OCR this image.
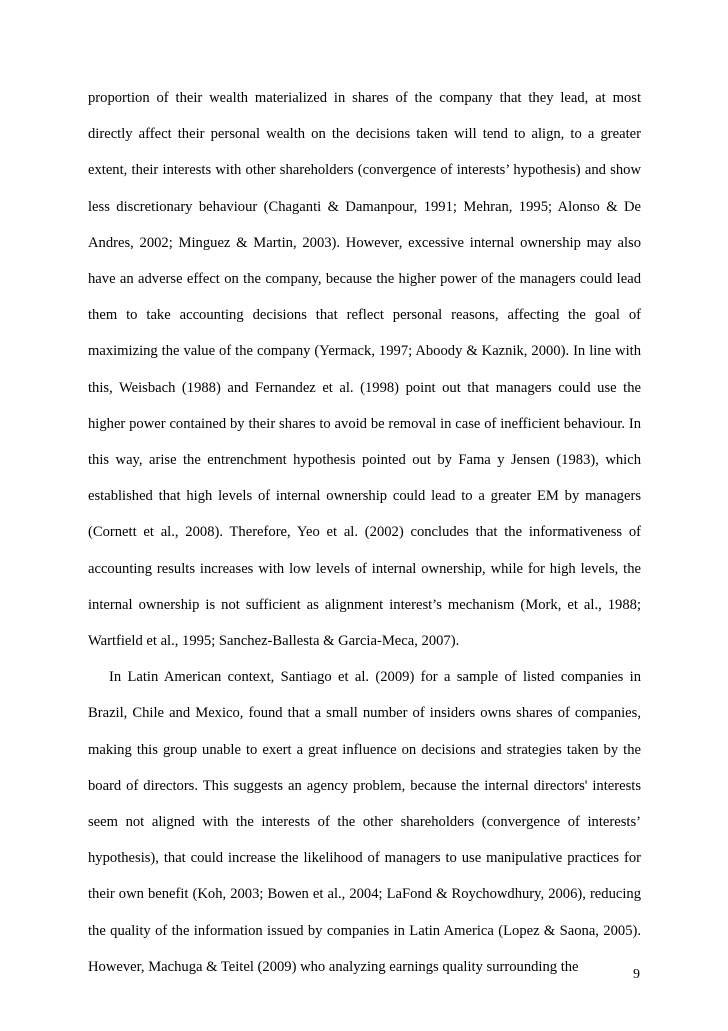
proportion of their wealth materialized in shares of the company that they lead, at most directly affect their personal wealth on the decisions taken will tend to align, to a greater extent, their interests with other shareholders (convergence of interests’ hypothesis) and show less discretionary behaviour (Chaganti & Damanpour, 1991; Mehran, 1995; Alonso & De Andres, 2002; Minguez & Martin, 2003). However, excessive internal ownership may also have an adverse effect on the company, because the higher power of the managers could lead them to take accounting decisions that reflect personal reasons, affecting the goal of maximizing the value of the company (Yermack, 1997; Aboody & Kaznik, 2000). In line with this, Weisbach (1988) and Fernandez et al. (1998) point out that managers could use the higher power contained by their shares to avoid be removal in case of inefficient behaviour. In this way, arise the entrenchment hypothesis pointed out by Fama y Jensen (1983), which established that high levels of internal ownership could lead to a greater EM by managers (Cornett et al., 2008). Therefore, Yeo et al. (2002) concludes that the informativeness of accounting results increases with low levels of internal ownership, while for high levels, the internal ownership is not sufficient as alignment interest’s mechanism (Mork, et al., 1988; Wartfield et al., 1995; Sanchez-Ballesta & Garcia-Meca, 2007).

In Latin American context, Santiago et al. (2009) for a sample of listed companies in Brazil, Chile and Mexico, found that a small number of insiders owns shares of companies, making this group unable to exert a great influence on decisions and strategies taken by the board of directors. This suggests an agency problem, because the internal directors' interests seem not aligned with the interests of the other shareholders (convergence of interests’ hypothesis), that could increase the likelihood of managers to use manipulative practices for their own benefit (Koh, 2003; Bowen et al., 2004; LaFond & Roychowdhury, 2006), reducing the quality of the information issued by companies in Latin America (Lopez & Saona, 2005). However, Machuga & Teitel (2009) who analyzing earnings quality surrounding the	9
